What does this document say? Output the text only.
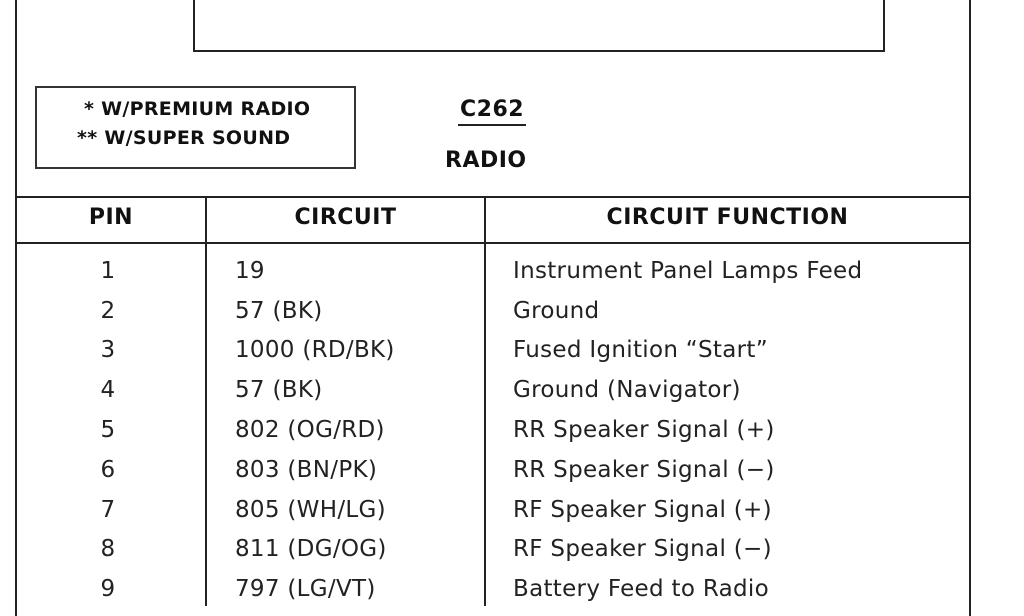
* W/PREMIUM RADIO
** W/SUPER SOUND
C262
RADIO
PIN	CIRCUIT	CIRCUIT FUNCTION
1	19	Instrument Panel Lamps Feed
2	57 (BK)	Ground
3	1000 (RD/BK)	Fused Ignition “Start”
4	57 (BK)	Ground (Navigator)
5	802 (OG/RD)	RR Speaker Signal (+)
6	803 (BN/PK)	RR Speaker Signal (−)
7	805 (WH/LG)	RF Speaker Signal (+)
8	811 (DG/OG)	RF Speaker Signal (−)
9	797 (LG/VT)	Battery Feed to Radio
